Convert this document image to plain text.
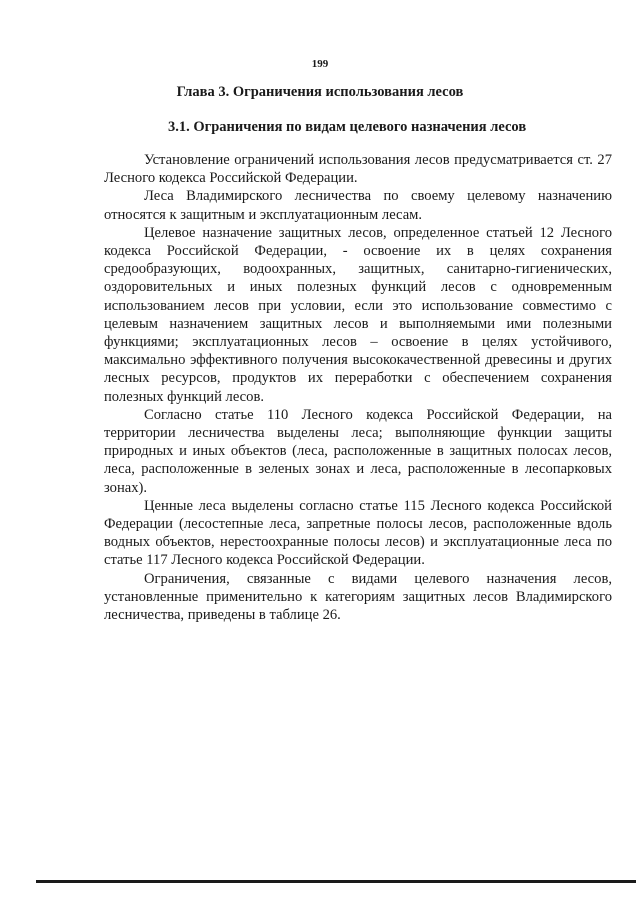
199
Глава 3. Ограничения использования лесов
3.1. Ограничения по видам целевого назначения лесов

Установление ограничений использования лесов предусматривается ст. 27 Лесного кодекса Российской Федерации.

Леса Владимирского лесничества по своему целевому назначению относятся к защитным и эксплуатационным лесам.

Целевое назначение защитных лесов, определенное статьей 12 Лесного кодекса Российской Федерации, - освоение их в целях сохранения средообразующих, водоохранных, защитных, санитарно-гигиенических, оздоровительных и иных полезных функций лесов с одновременным использованием лесов при условии, если это использование совместимо с целевым назначением защитных лесов и выполняемыми ими полезными функциями; эксплуатационных лесов – освоение в целях устойчивого, максимально эффективного получения высококачественной древесины и других лесных ресурсов, продуктов их переработки с обеспечением сохранения полезных функций лесов.

Согласно статье 110 Лесного кодекса Российской Федерации, на территории лесничества выделены леса; выполняющие функции защиты природных и иных объектов (леса, расположенные в защитных полосах лесов, леса, расположенные в зеленых зонах и леса, расположенные в лесопарковых зонах).

Ценные леса выделены согласно статье 115 Лесного кодекса Российской Федерации (лесостепные леса, запретные полосы лесов, расположенные вдоль водных объектов, нерестоохранные полосы лесов) и эксплуатационные леса по статье 117 Лесного кодекса Российской Федерации.

Ограничения, связанные с видами целевого назначения лесов, установленные применительно к категориям защитных лесов Владимирского лесничества, приведены в таблице 26.
